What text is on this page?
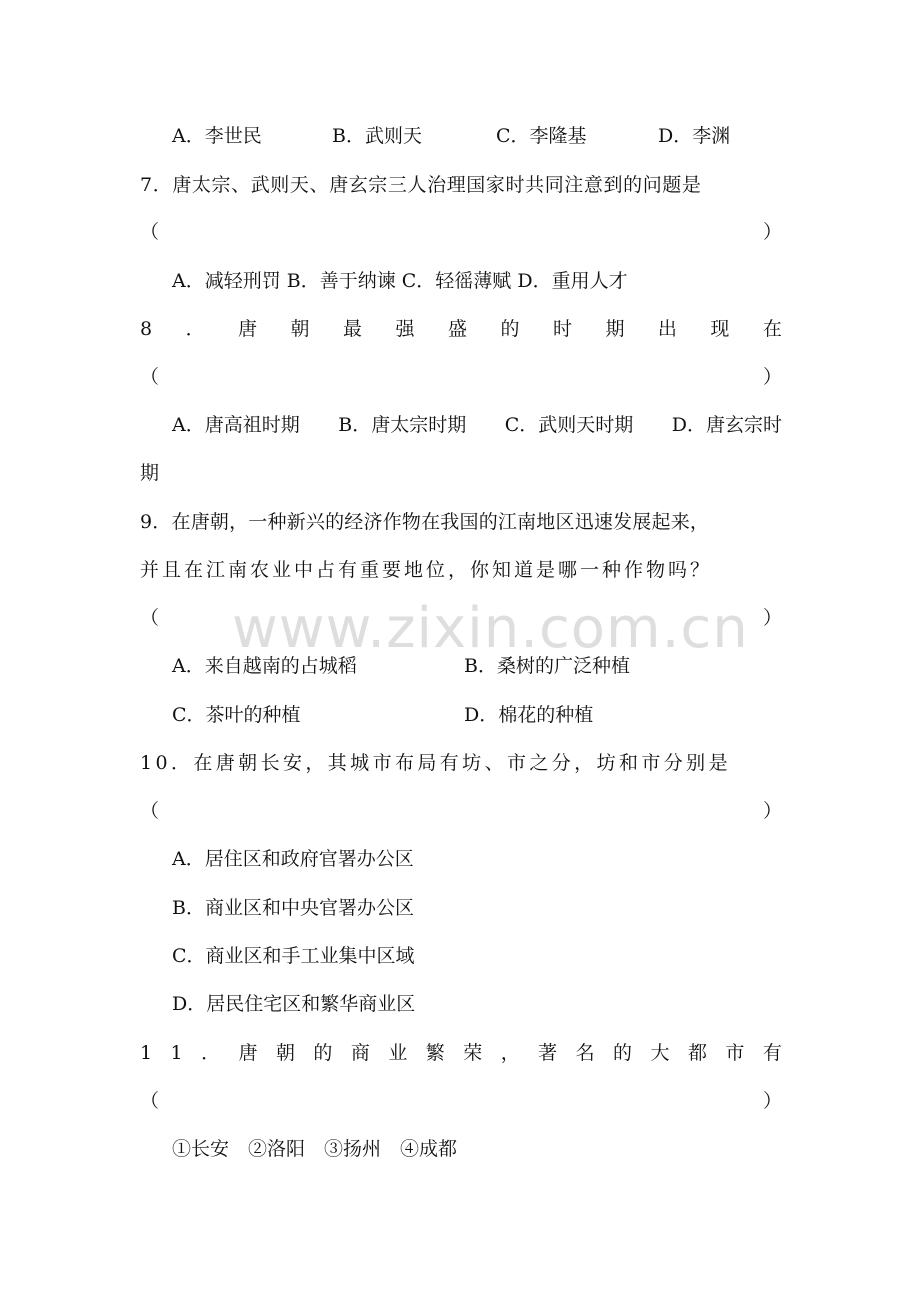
A．李世民	B．武则天	C．李隆基	D．李渊
7．唐太宗、武则天、唐玄宗三人治理国家时共同注意到的问题是
（	）
A．减轻刑罚 B．善于纳谏 C．轻徭薄赋 D．重用人才
8 ． 唐 朝 最 强 盛 的 时 期 出 现 在
（	）
A．唐高祖时期 B．唐太宗时期 C．武则天时期 D．唐玄宗时
期
9．在唐朝，一种新兴的经济作物在我国的江南地区迅速发展起来，
并且在江南农业中占有重要地位，你知道是哪一种作物吗？
（	）
A．来自越南的占城稻	B．桑树的广泛种植
C．茶叶的种植	D．棉花的种植
10．在唐朝长安，其城市布局有坊、市之分，坊和市分别是
（	）
A．居住区和政府官署办公区
B．商业区和中央官署办公区
C．商业区和手工业集中区域
D．居民住宅区和繁华商业区
1 1 ． 唐 朝 的 商 业 繁 荣 ， 著 名 的 大 都 市 有
（	）
①长安　②洛阳　③扬州　④成都
www.zixin.com.cn
